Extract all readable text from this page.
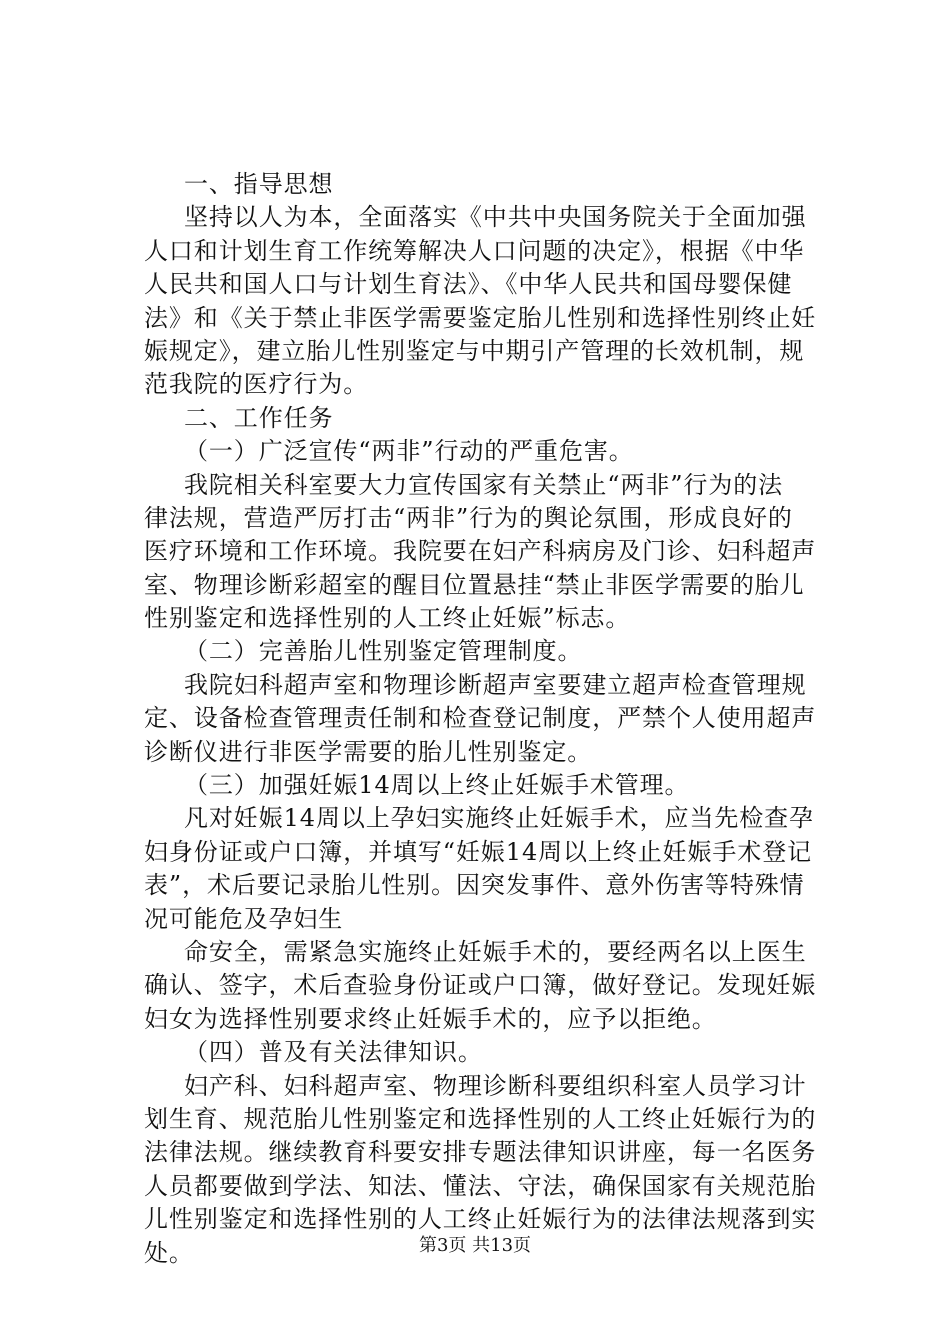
一、指导思想
坚持以人为本，全面落实《中共中央国务院关于全面加强
人口和计划生育工作统筹解决人口问题的决定》，根据《中华
人民共和国人口与计划生育法》、《中华人民共和国母婴保健
法》和《关于禁止非医学需要鉴定胎儿性别和选择性别终止妊
娠规定》，建立胎儿性别鉴定与中期引产管理的长效机制，规
范我院的医疗行为。
二、工作任务
（一）广泛宣传“两非”行动的严重危害。
我院相关科室要大力宣传国家有关禁止“两非”行为的法
律法规，营造严厉打击“两非”行为的舆论氛围，形成良好的
医疗环境和工作环境。我院要在妇产科病房及门诊、妇科超声
室、物理诊断彩超室的醒目位置悬挂“禁止非医学需要的胎儿
性别鉴定和选择性别的人工终止妊娠”标志。
（二）完善胎儿性别鉴定管理制度。
我院妇科超声室和物理诊断超声室要建立超声检查管理规
定、设备检查管理责任制和检查登记制度，严禁个人使用超声
诊断仪进行非医学需要的胎儿性别鉴定。
（三）加强妊娠14周以上终止妊娠手术管理。
凡对妊娠14周以上孕妇实施终止妊娠手术，应当先检查孕
妇身份证或户口簿，并填写“妊娠14周以上终止妊娠手术登记
表”，术后要记录胎儿性别。因突发事件、意外伤害等特殊情
况可能危及孕妇生
命安全，需紧急实施终止妊娠手术的，要经两名以上医生
确认、签字，术后查验身份证或户口簿，做好登记。发现妊娠
妇女为选择性别要求终止妊娠手术的，应予以拒绝。
（四）普及有关法律知识。
妇产科、妇科超声室、物理诊断科要组织科室人员学习计
划生育、规范胎儿性别鉴定和选择性别的人工终止妊娠行为的
法律法规。继续教育科要安排专题法律知识讲座，每一名医务
人员都要做到学法、知法、懂法、守法，确保国家有关规范胎
儿性别鉴定和选择性别的人工终止妊娠行为的法律法规落到实
处。	第3页 共13页
